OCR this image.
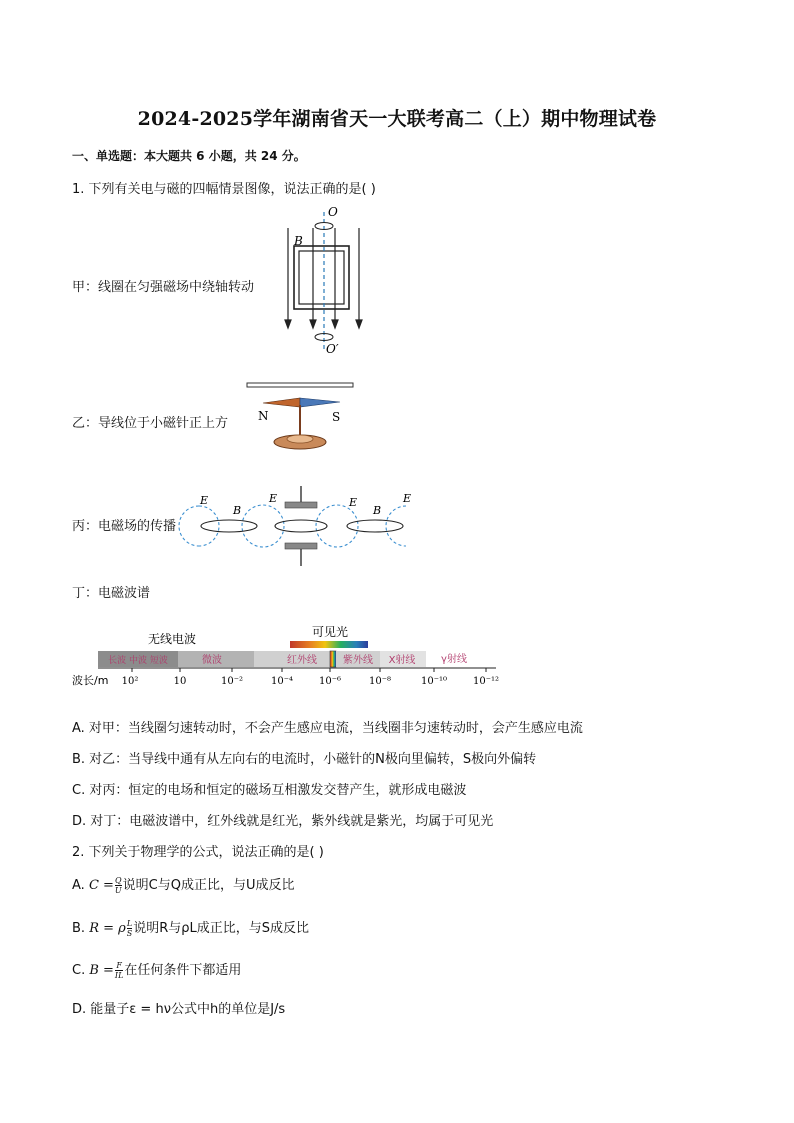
2024-2025学年湖南省天一大联考高二（上）期中物理试卷
一、单选题：本大题共 6 小题，共 24 分。
1. 下列有关电与磁的四幅情景图像，说法正确的是( )
甲：线圈在匀强磁场中绕轴转动
O
O′
B
乙：导线位于小磁针正上方 N	S
丙：电磁场的传播
E
B
E	E
B
E
丁：电磁波谱
无线电波	可见光
长波 中波 短波	微波	红外线	紫外线 X射线	γ射线
波长/m 10²	10	10⁻²	10⁻⁴	10⁻⁶	10⁻⁸	10⁻¹⁰	10⁻¹²
A. 对甲：当线圈匀速转动时，不会产生感应电流，当线圈非匀速转动时，会产生感应电流
B. 对乙：当导线中通有从左向右的电流时，小磁针的N极向里偏转，S极向外偏转
C. 对丙：恒定的电场和恒定的磁场互相激发交替产生，就形成电磁波
D. 对丁：电磁波谱中，红外线就是红光，紫外线就是紫光，均属于可见光
2. 下列关于物理学的公式，说法正确的是( )
A. $C = \frac{Q}{U}$ 说明C与Q成正比，与U成反比
B. R = ρ $\frac{L}{S}$ 说明R与ρL成正比，与S成反比
C. $B = \frac{F}{IL}$ 在任何条件下都适用
D. 能量子ε = hν公式中h的单位是J/s
